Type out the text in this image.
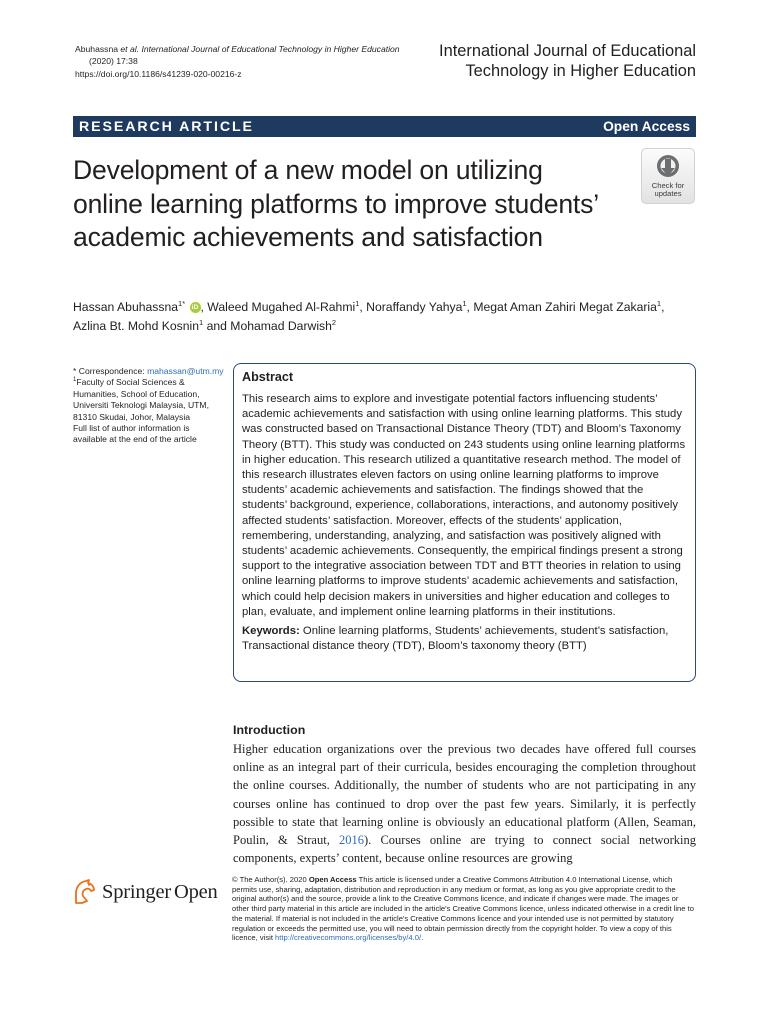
Abuhassna et al. International Journal of Educational Technology in Higher Education (2020) 17:38
https://doi.org/10.1186/s41239-020-00216-z
International Journal of Educational
Technology in Higher Education
RESEARCH ARTICLE	Open Access
Development of a new model on utilizing online learning platforms to improve students’ academic achievements and satisfaction
Check for
updates
Hassan Abuhassna$^{1*}$ iD , Waleed Mugahed Al-Rahmi$^1$, Noraffandy Yahya$^1$, Megat Aman Zahiri Megat Zakaria$^1$,
Azlina Bt. Mohd Kosnin$^1$ and Mohamad Darwish$^2$
* Correspondence: mahassan@utm.my
$^1$Faculty of Social Sciences & Humanities, School of Education, Universiti Teknologi Malaysia, UTM, 81310 Skudai, Johor, Malaysia
Full list of author information is available at the end of the article
Abstract
This research aims to explore and investigate potential factors influencing students’ academic achievements and satisfaction with using online learning platforms. This study was constructed based on Transactional Distance Theory (TDT) and Bloom’s Taxonomy Theory (BTT). This study was conducted on 243 students using online learning platforms in higher education. This research utilized a quantitative research method. The model of this research illustrates eleven factors on using online learning platforms to improve students’ academic achievements and satisfaction. The findings showed that the students’ background, experience, collaborations, interactions, and autonomy positively affected students’ satisfaction. Moreover, effects of the students’ application, remembering, understanding, analyzing, and satisfaction was positively aligned with students’ academic achievements. Consequently, the empirical findings present a strong support to the integrative association between TDT and BTT theories in relation to using online learning platforms to improve students’ academic achievements and satisfaction, which could help decision makers in universities and higher education and colleges to plan, evaluate, and implement online learning platforms in their institutions.
Keywords: Online learning platforms, Students’ achievements, student’s satisfaction, Transactional distance theory (TDT), Bloom’s taxonomy theory (BTT)
Introduction
Higher education organizations over the previous two decades have offered full courses online as an integral part of their curricula, besides encouraging the completion throughout the online courses. Additionally, the number of students who are not participating in any courses online has continued to drop over the past few years. Similarly, it is perfectly possible to state that learning online is obviously an educational platform (Allen, Seaman, Poulin, & Straut, 2016). Courses online are trying to connect social networking components, experts’ content, because online resources are growing
Springer Open
© The Author(s). 2020 Open Access This article is licensed under a Creative Commons Attribution 4.0 International License, which permits use, sharing, adaptation, distribution and reproduction in any medium or format, as long as you give appropriate credit to the original author(s) and the source, provide a link to the Creative Commons licence, and indicate if changes were made. The images or other third party material in this article are included in the article's Creative Commons licence, unless indicated otherwise in a credit line to the material. If material is not included in the article's Creative Commons licence and your intended use is not permitted by statutory regulation or exceeds the permitted use, you will need to obtain permission directly from the copyright holder. To view a copy of this licence, visit http://creativecommons.org/licenses/by/4.0/.
